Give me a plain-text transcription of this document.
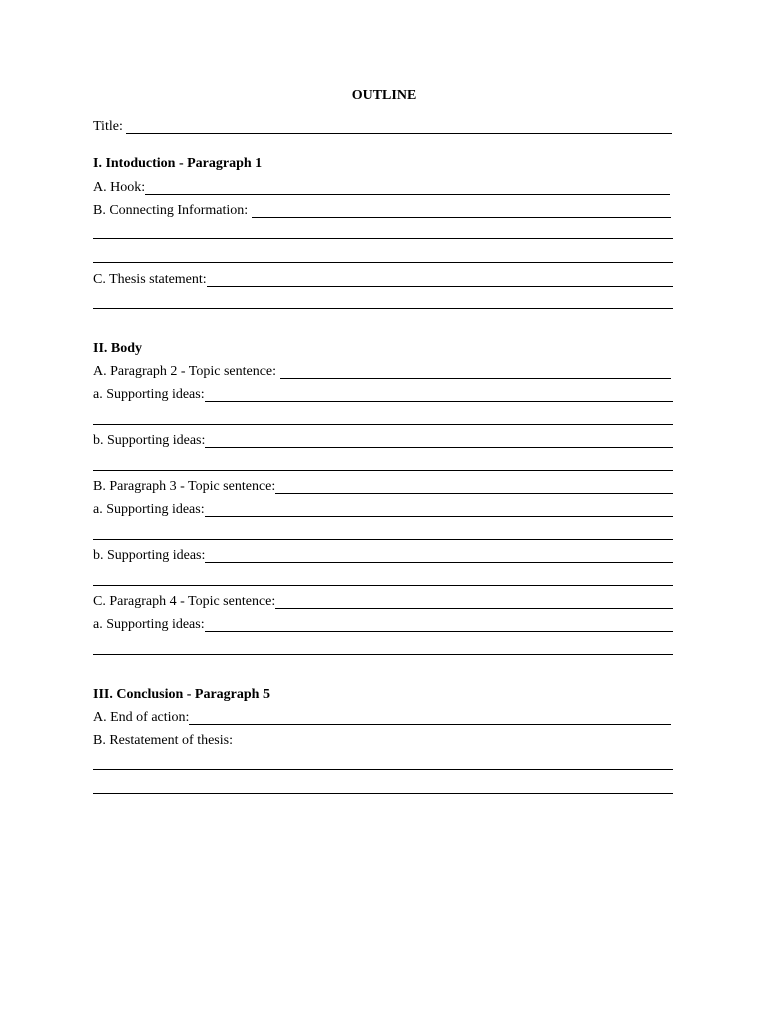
OUTLINE
Title:
I. Intoduction - Paragraph 1
A. Hook:
B. Connecting Information:
C. Thesis statement:
II. Body
A. Paragraph 2 - Topic sentence:
a. Supporting ideas:
b. Supporting ideas:
B. Paragraph 3 - Topic sentence:
a. Supporting ideas:
b. Supporting ideas:
C. Paragraph 4 - Topic sentence:
a. Supporting ideas:
III. Conclusion - Paragraph 5
A. End of action:
B. Restatement of thesis:
